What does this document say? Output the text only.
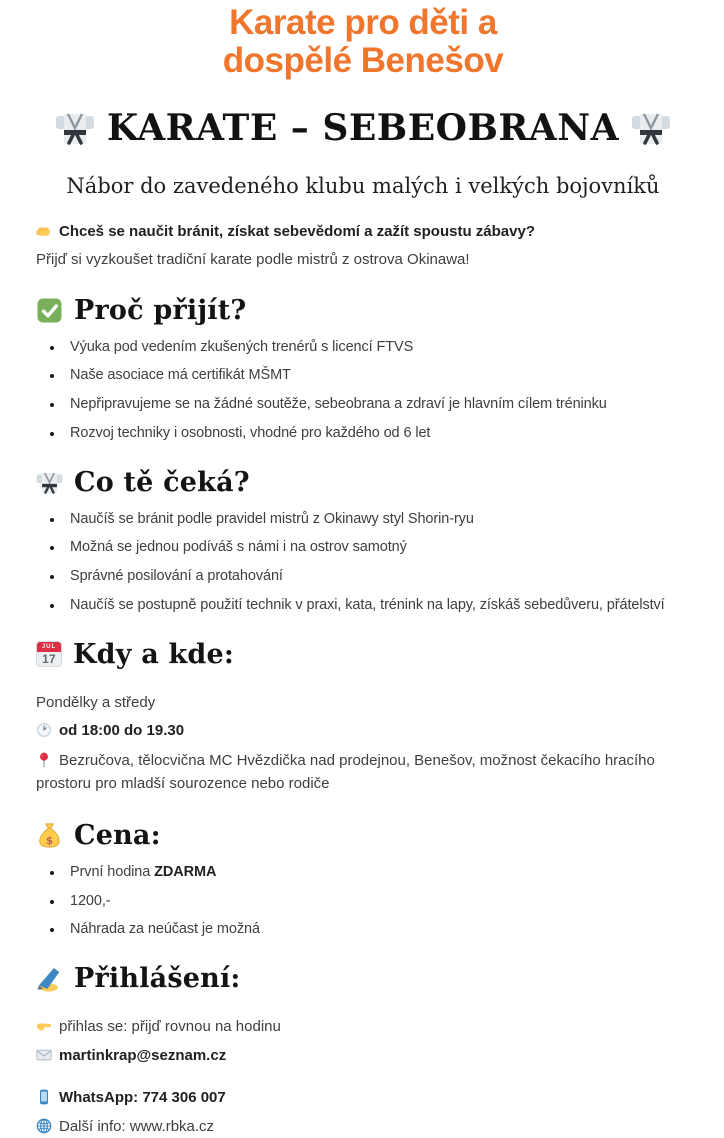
Karate pro děti a
dospělé Benešov
KARATE – SEBEOBRANA
Nábor do zavedeného klubu malých i velkých bojovníků

Chceš se naučit bránit, získat sebevědomí a zažít spoustu zábavy?

Přijď si vyzkoušet tradiční karate podle mistrů z ostrova Okinawa!

Proč přijít?
• Výuka pod vedením zkušených trenérů s licencí FTVS
• Naše asociace má certifikát MŠMT
• Nepřipravujeme se na žádné soutěže, sebeobrana a zdraví je hlavním cílem tréninku
• Rozvoj techniky i osobnosti, vhodné pro každého od 6 let
Co tě čeká?
• Naučíš se bránit podle pravidel mistrů z Okinawy styl Shorin-ryu
• Možná se jednou podíváš s námi i na ostrov samotný
• Správné posilování a protahování
• Naučíš se postupně použití technik v praxi, kata, trénink na lapy, získáš sebedůveru, přátelství
JUL
17 Kdy a kde:

Pondělky a středy

od 18:00 do 19.30

Bezručova, tělocvična MC Hvězdička nad prodejnou, Benešov, možnost čekacího hracího prostoru pro mladší sourozence nebo rodiče

$ Cena:
• První hodina ZDARMA
• 1200,-
• Náhrada za neúčast je možná
Přihlášení:

přihlas se: přijď rovnou na hodinu

martinkrap@seznam.cz

WhatsApp: 774 306 007

Další info: www.rbka.cz
